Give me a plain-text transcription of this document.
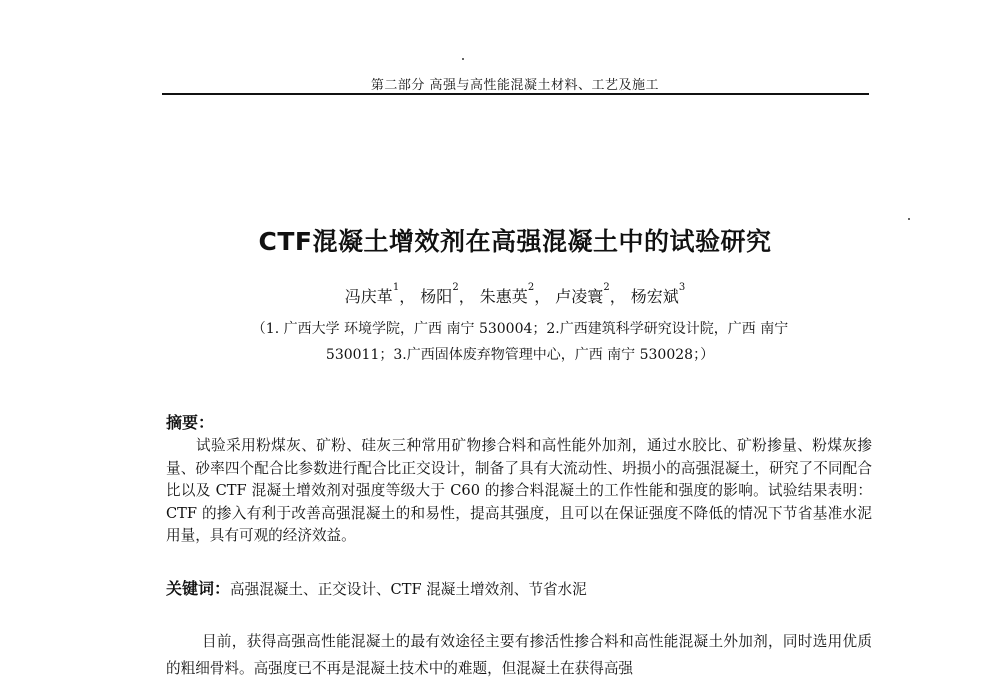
第二部分 高强与高性能混凝土材料、工艺及施工
CTF混凝土增效剂在高强混凝土中的试验研究
冯庆革$^1$， 杨阳$^2$， 朱惠英$^2$， 卢凌寰$^2$， 杨宏斌$^3$
（1. 广西大学 环境学院，广西 南宁 530004；2.广西建筑科学研究设计院，广西 南宁
530011；3.广西固体废弃物管理中心，广西 南宁 530028；）
摘要：
试验采用粉煤灰、矿粉、硅灰三种常用矿物掺合料和高性能外加剂，通过水胶比、矿粉掺量、粉煤灰掺量、砂率四个配合比参数进行配合比正交设计，制备了具有大流动性、坍损小的高强混凝土，研究了不同配合比以及 CTF 混凝土增效剂对强度等级大于 C60 的掺合料混凝土的工作性能和强度的影响。试验结果表明：CTF 的掺入有利于改善高强混凝土的和易性，提高其强度，且可以在保证强度不降低的情况下节省基准水泥用量，具有可观的经济效益。
关键词：高强混凝土、正交设计、CTF 混凝土增效剂、节省水泥
目前，获得高强高性能混凝土的最有效途径主要有掺活性掺合料和高性能混凝土外加剂，同时选用优质的粗细骨料。高强度已不再是混凝土技术中的难题，但混凝土在获得高强
